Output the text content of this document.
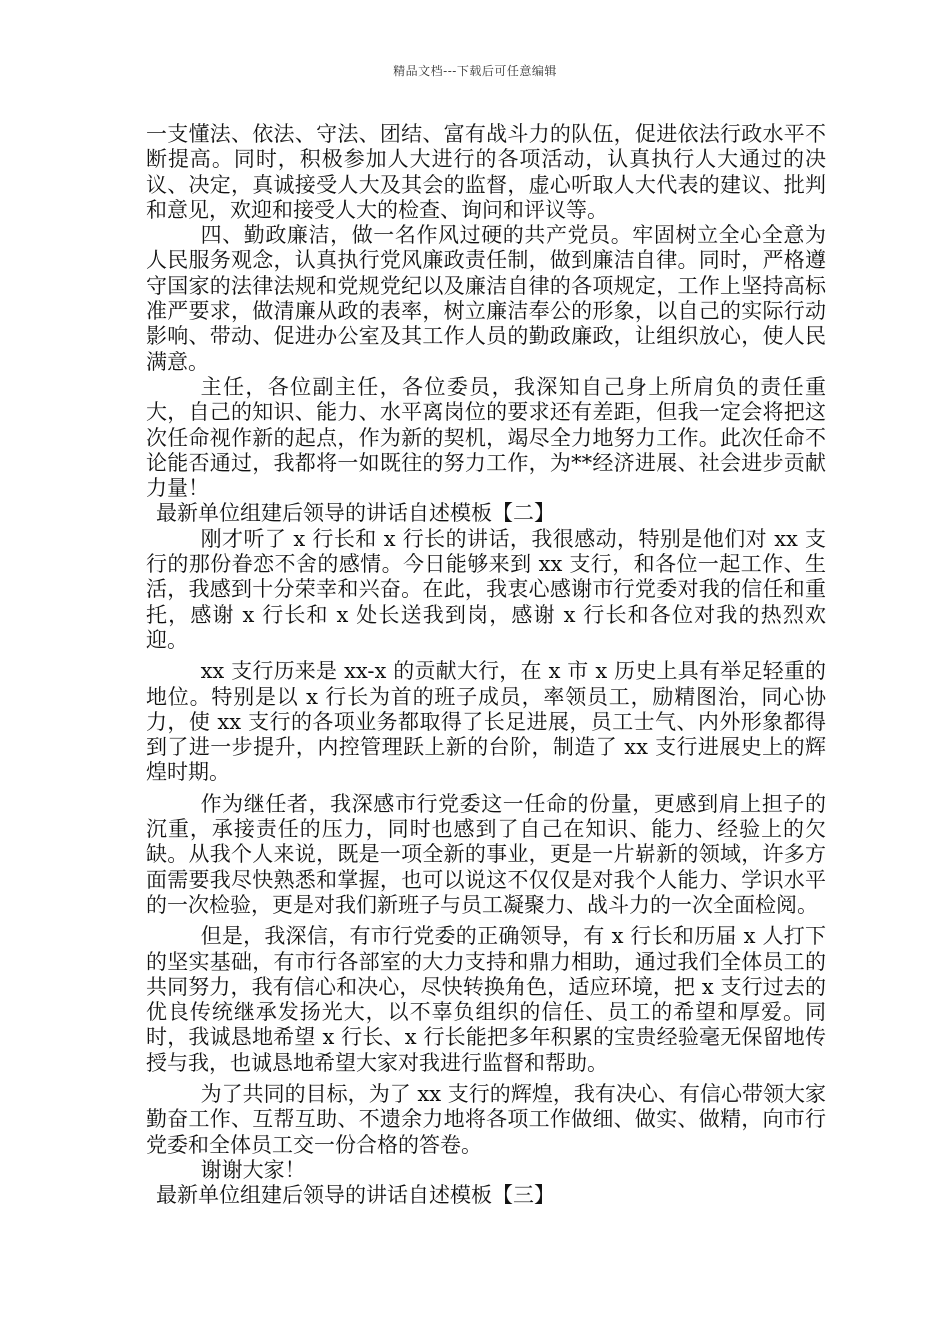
精品文档---下载后可任意编辑

一支懂法、依法、守法、团结、富有战斗力的队伍，促进依法行政水平不断提高。同时，积极参加人大进行的各项活动，认真执行人大通过的决议、决定，真诚接受人大及其会的监督，虚心听取人大代表的建议、批判和意见，欢迎和接受人大的检查、询问和评议等。

四、勤政廉洁，做一名作风过硬的共产党员。牢固树立全心全意为人民服务观念，认真执行党风廉政责任制，做到廉洁自律。同时，严格遵守国家的法律法规和党规党纪以及廉洁自律的各项规定，工作上坚持高标准严要求，做清廉从政的表率，树立廉洁奉公的形象，以自己的实际行动影响、带动、促进办公室及其工作人员的勤政廉政，让组织放心，使人民满意。

主任，各位副主任，各位委员，我深知自己身上所肩负的责任重大，自己的知识、能力、水平离岗位的要求还有差距，但我一定会将把这次任命视作新的起点，作为新的契机，竭尽全力地努力工作。此次任命不论能否通过，我都将一如既往的努力工作，为**经济进展、社会进步贡献力量！

最新单位组建后领导的讲话自述模板【二】

刚才听了 x 行长和 x 行长的讲话，我很感动，特别是他们对 xx 支行的那份眷恋不舍的感情。今日能够来到 xx 支行，和各位一起工作、生活，我感到十分荣幸和兴奋。在此，我衷心感谢市行党委对我的信任和重托，感谢 x 行长和 x 处长送我到岗，感谢 x 行长和各位对我的热烈欢迎。

xx 支行历来是 xx-x 的贡献大行，在 x 市 x 历史上具有举足轻重的地位。特别是以 x 行长为首的班子成员，率领员工，励精图治，同心协力，使 xx 支行的各项业务都取得了长足进展，员工士气、内外形象都得到了进一步提升，内控管理跃上新的台阶，制造了 xx 支行进展史上的辉煌时期。

作为继任者，我深感市行党委这一任命的份量，更感到肩上担子的沉重，承接责任的压力，同时也感到了自己在知识、能力、经验上的欠缺。从我个人来说，既是一项全新的事业，更是一片崭新的领域，许多方面需要我尽快熟悉和掌握，也可以说这不仅仅是对我个人能力、学识水平的一次检验，更是对我们新班子与员工凝聚力、战斗力的一次全面检阅。

但是，我深信，有市行党委的正确领导，有 x 行长和历届 x 人打下的坚实基础，有市行各部室的大力支持和鼎力相助，通过我们全体员工的共同努力，我有信心和决心，尽快转换角色，适应环境，把 x 支行过去的优良传统继承发扬光大，以不辜负组织的信任、员工的希望和厚爱。同时，我诚恳地希望 x 行长、x 行长能把多年积累的宝贵经验毫无保留地传授与我，也诚恳地希望大家对我进行监督和帮助。

为了共同的目标，为了 xx 支行的辉煌，我有决心、有信心带领大家勤奋工作、互帮互助、不遗余力地将各项工作做细、做实、做精，向市行党委和全体员工交一份合格的答卷。

谢谢大家！

最新单位组建后领导的讲话自述模板【三】
